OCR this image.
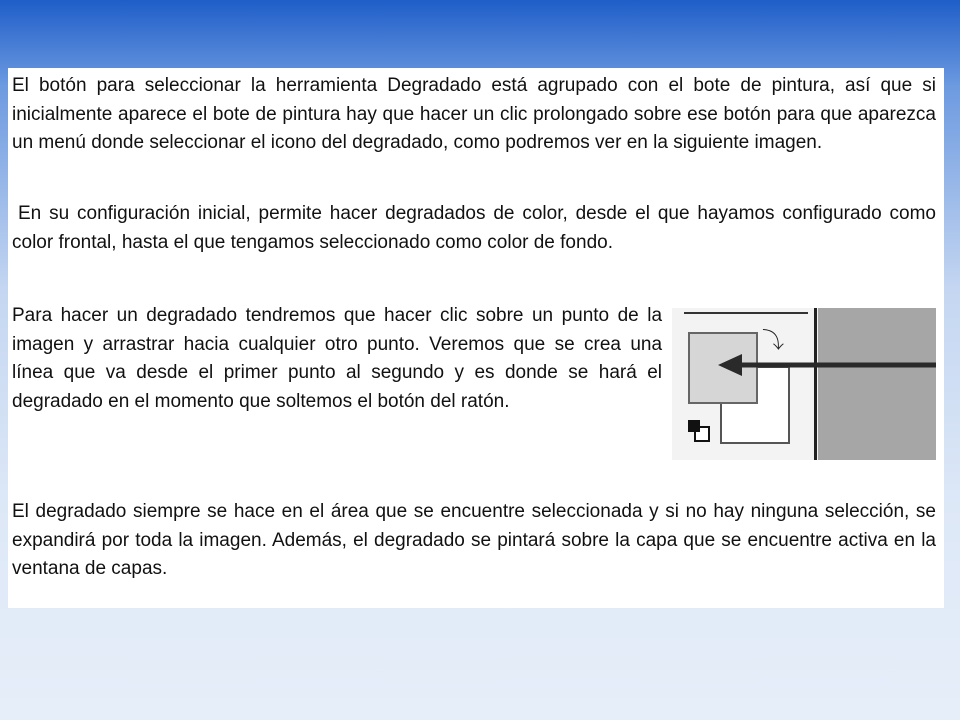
El botón para seleccionar la herramienta Degradado está agrupado con el bote de pintura, así que si inicialmente aparece el bote de pintura hay que hacer un clic prolongado sobre ese botón para que aparezca un menú donde seleccionar el icono del degradado, como podremos ver en la siguiente imagen.

En su configuración inicial, permite hacer degradados de color, desde el que hayamos configurado como color frontal, hasta el que tengamos seleccionado como color de fondo.

Para hacer un degradado tendremos que hacer clic sobre un punto de la imagen y arrastrar hacia cualquier otro punto. Veremos que se crea una línea que va desde el primer punto al segundo y es donde se hará el degradado en el momento que soltemos el botón del ratón.

⤵

El degradado siempre se hace en el área que se encuentre seleccionada y si no hay ninguna selección, se expandirá por toda la imagen. Además, el degradado se pintará sobre la capa que se encuentre activa en la ventana de capas.
